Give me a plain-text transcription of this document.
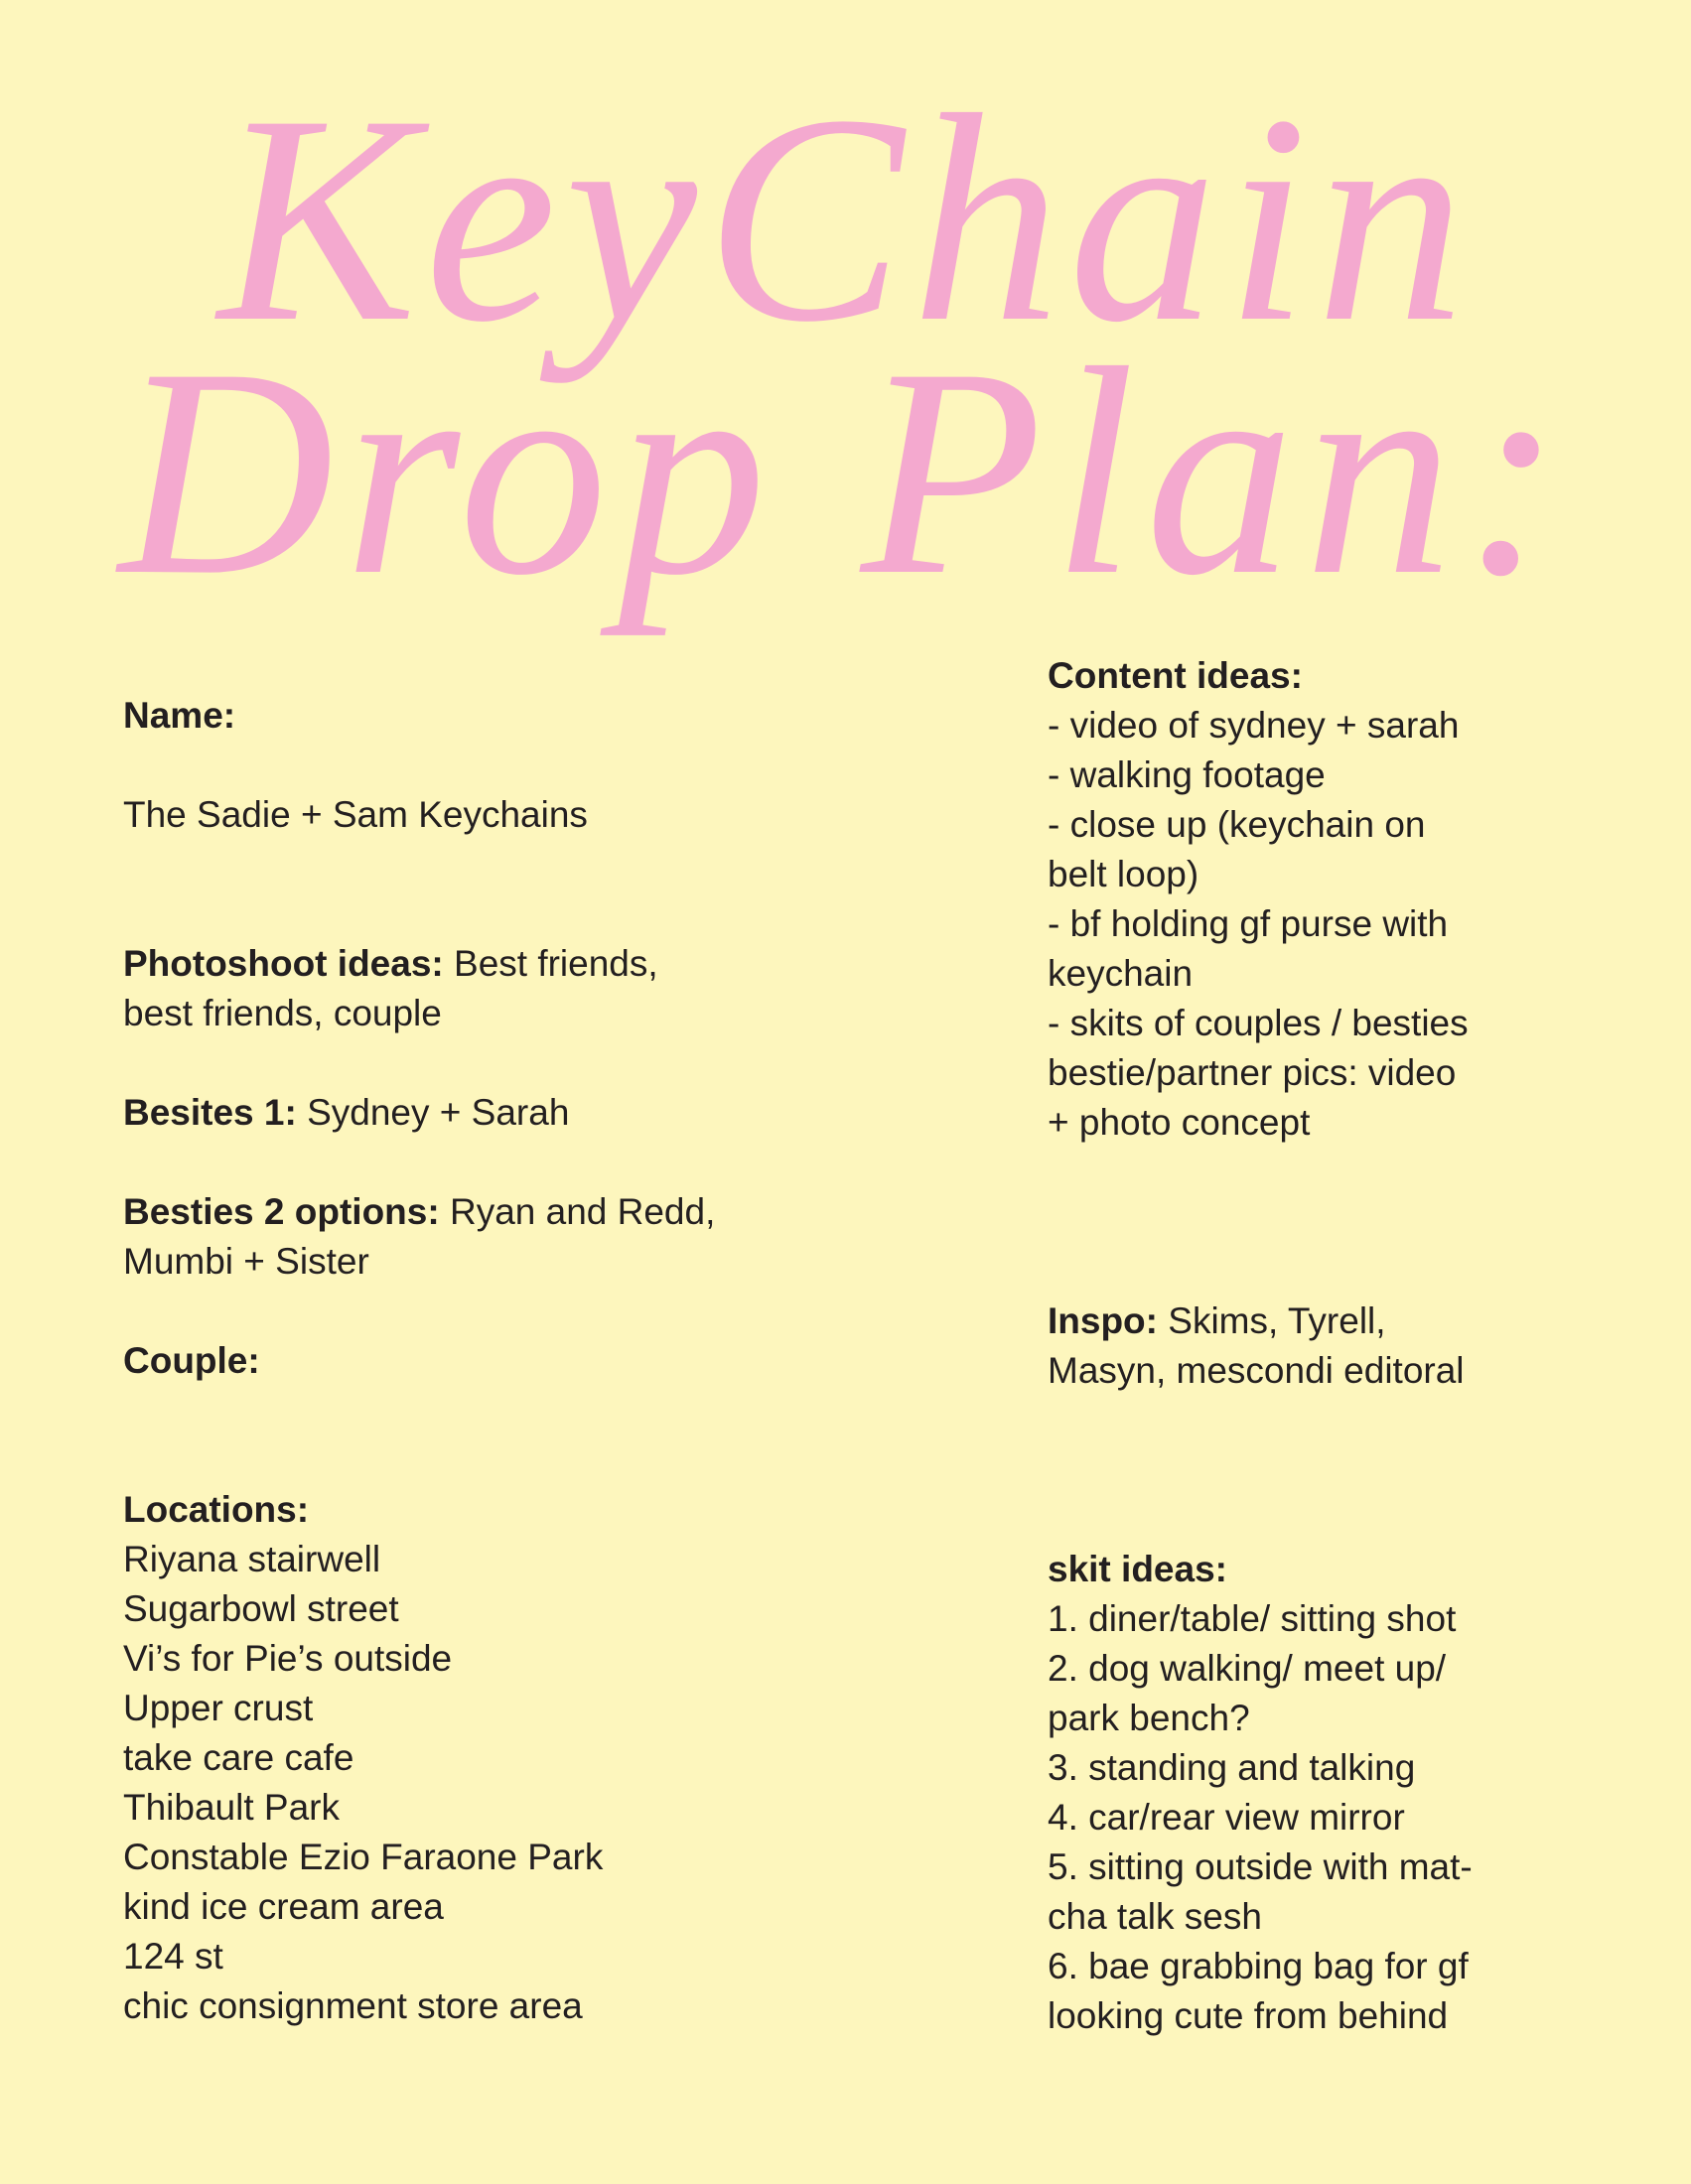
KeyChain
Drop Plan:

Name:

The Sadie + Sam Keychains

Photoshoot ideas: Best friends,

best friends, couple

Besites 1: Sydney + Sarah

Besties 2 options: Ryan and Redd,

Mumbi + Sister

Couple:

Locations:

Riyana stairwell
Sugarbowl street
Vi’s for Pie’s outside
Upper crust
take care cafe
Thibault Park
Constable Ezio Faraone Park
kind ice cream area
124 st
chic consignment store area

Content ideas:

- video of sydney + sarah
- walking footage
- close up (keychain on
belt loop)
- bf holding gf purse with
keychain
- skits of couples / besties
bestie/partner pics: video
+ photo concept

Inspo: Skims, Tyrell,

Masyn, mescondi editoral

skit ideas:

1. diner/table/ sitting shot
2. dog walking/ meet up/
park bench?
3. standing and talking
4. car/rear view mirror
5. sitting outside with mat-
cha talk sesh
6. bae grabbing bag for gf
looking cute from behind
